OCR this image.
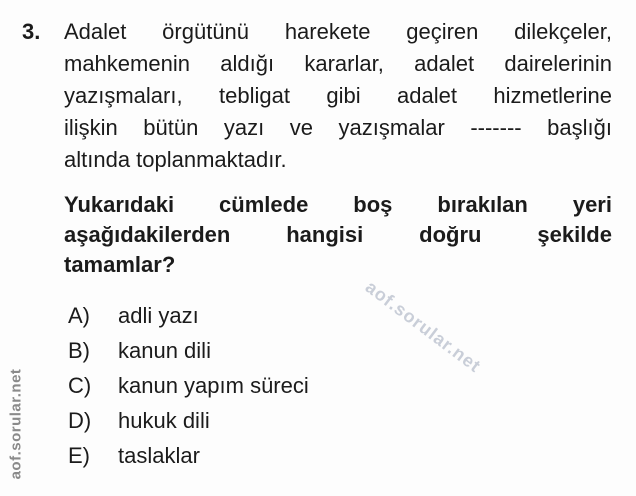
aof.sorular.net
aof.sorular.net
3. Adalet örgütünü harekete geçiren dilekçeler,
mahkemenin aldığı kararlar, adalet dairelerinin
yazışmaları, tebligat gibi adalet hizmetlerine
ilişkin bütün yazı ve yazışmalar ------- başlığı
altında toplanmaktadır.
Yukarıdaki cümlede boş bırakılan yeri
aşağıdakilerden	hangisi	doğru	şekilde
tamamlar?
A)	adli yazı
B)	kanun dili
C)	kanun yapım süreci
D)	hukuk dili
E)	taslaklar
